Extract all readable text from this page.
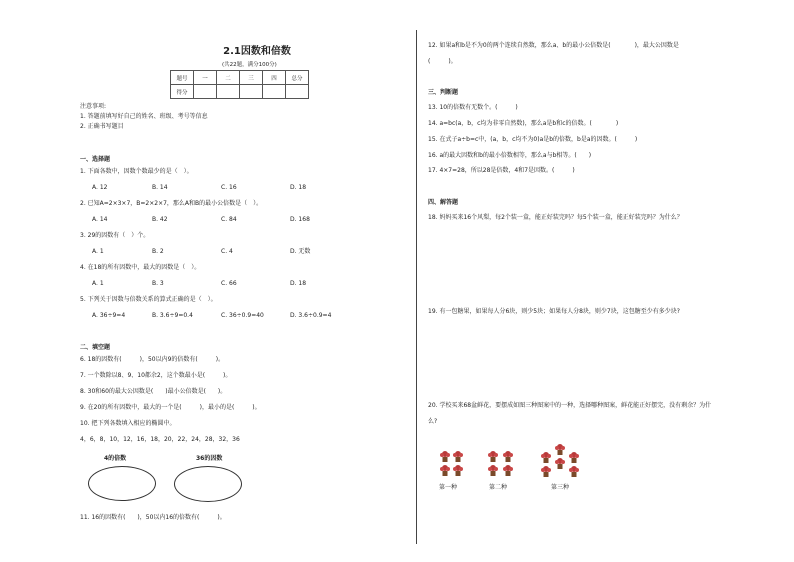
2.1因数和倍数
(共22题，满分100分)
题号	一	二	三	四	总分
得分					
注意事项:
1. 答题前填写好自己的姓名、班级、考号等信息
2. 正确书写题目
一、选择题
1. 下面各数中，因数个数最少的是（　）。
A. 12	B. 14	C. 16	D. 18
2. 已知A=2×3×7，B=2×2×7，那么A和B的最小公倍数是（　）。
A. 14	B. 42	C. 84	D. 168
3. 29的因数有（　）个。
A. 1	B. 2	C. 4	D. 无数
4. 在18的所有因数中，最大的因数是（　）。
A. 1	B. 3	C. 66	D. 18
5. 下列关于因数与倍数关系的算式正确的是（　）。
A. 36÷9=4	B. 3.6÷9=0.4	C. 36÷0.9=40	D. 3.6÷0.9=4
二、填空题
6. 18的因数有(　　　)，50以内9的倍数有(　　　)。
7. 一个数除以8、9、10都余2，这个数最小是(　　　)。
8. 30和60的最大公因数是(　　)最小公倍数是(　　)。
9. 在20的所有因数中，最大的一个是(　　　)，最小的是(　　　)。
10. 把下列各数填入相应的椭圆中。
4，6，8，10，12，16，18，20，22，24，28，32，36
4的倍数	36的因数
11. 16的因数有(　　)，50以内16的倍数有(　　　)。
12. 如果a和b是不为0的两个连续自然数，那么a、b的最小公倍数是(　　　　)，最大公因数是
(　　　)。
三、判断题
13. 10的倍数有无数个。(　　　)
14. a=bc(a，b，c均为非零自然数)，那么a是b和c的倍数。(　　　　)
15. 在式子a÷b=c中，(a，b，c均不为0)a是b的倍数，b是a的因数。(　　　)
16. a的最大因数和b的最小倍数相等，那么a与b相等。(　　)
17. 4×7=28，所以28是倍数，4和7是因数。(　　　)
四、解答题
18. 妈妈买来16个风梨，每2个装一盒，能正好装完吗？每5个装一盒，能正好装完吗？为什么？
19. 有一包糖果，如果每人分6块，则少5块；如果每人分8块，则少7块，这包糖至少有多少块?
20. 学校买来68盆鲜花，要摆成如图三种图案中的一种，选择哪种图案，鲜花能正好摆完，没有剩余？为什
么?
第一种	第二种	第三种
